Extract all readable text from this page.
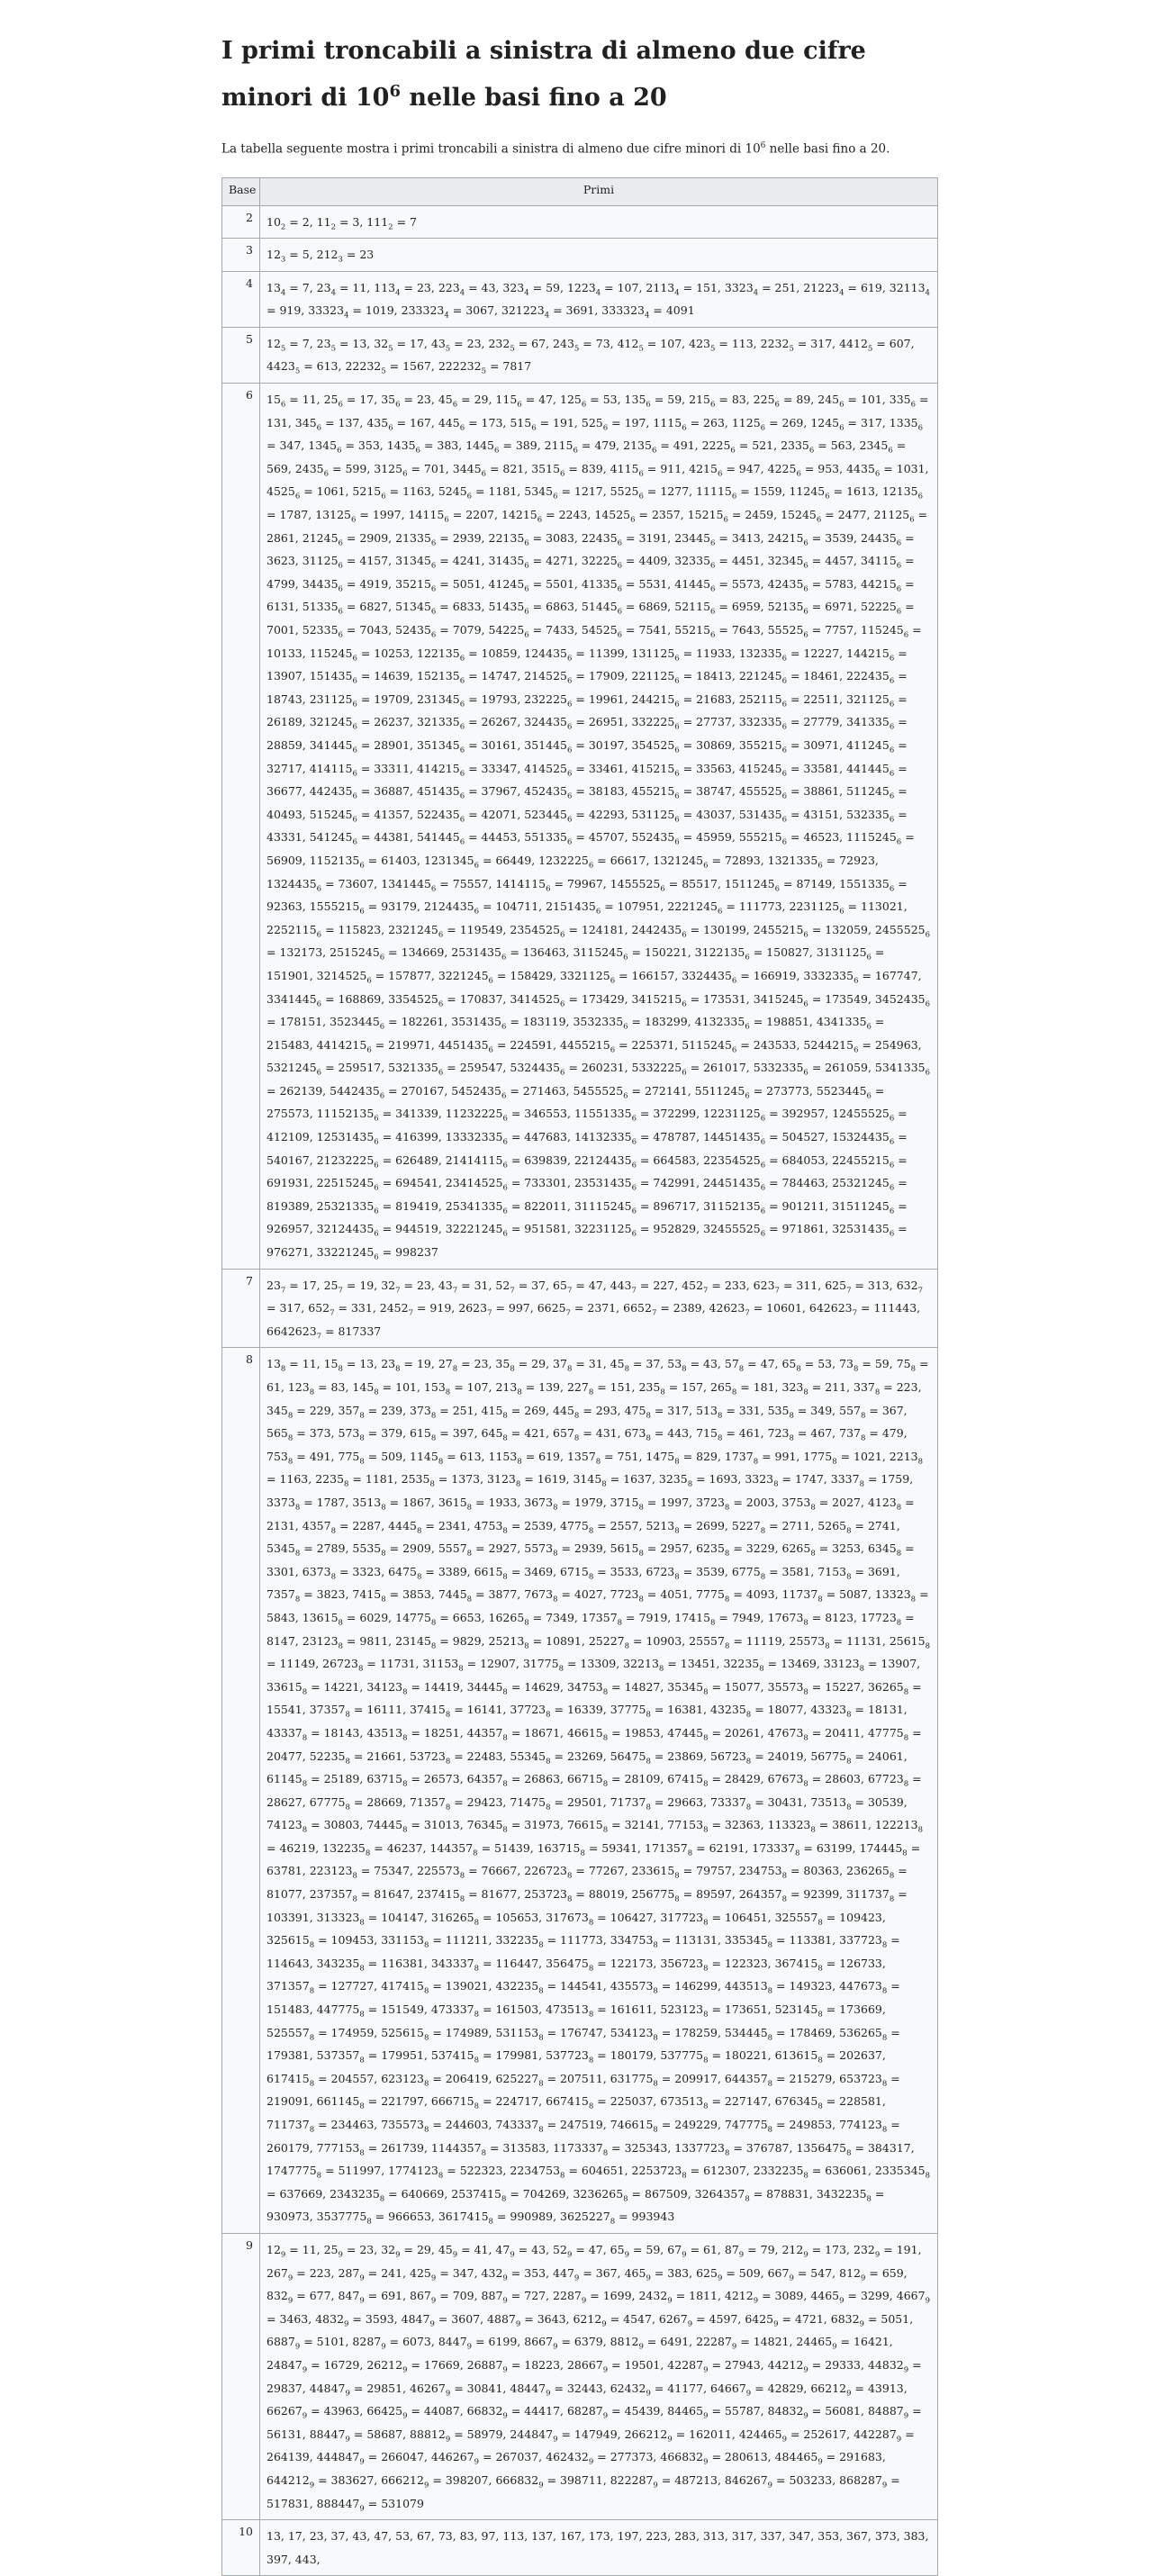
I primi troncabili a sinistra di almeno due cifre minori di $10^6$ nelle basi fino a 20

La tabella seguente mostra i primi troncabili a sinistra di almeno due cifre minori di $10^6$ nelle basi fino a 20.

Base	Primi
2	$10_2 = 2$, $11_2 = 3$, $111_2 = 7$
3	$12_3 = 5$, $212_3 = 23$
4	$13_4 = 7$, $23_4 = 11$, $113_4 = 23$, $223_4 = 43$, $323_4 = 59$, $1223_4 = 107$, $2113_4 = 151$, $3323_4 = 251$, $21223_4 = 619$, $32113_4 = 919$, $33323_4 = 1019$, $233323_4 = 3067$, $321223_4 = 3691$, $333323_4 = 4091$
5	$12_5 = 7$, $23_5 = 13$, $32_5 = 17$, $43_5 = 23$, $232_5 = 67$, $243_5 = 73$, $412_5 = 107$, $423_5 = 113$, $2232_5 = 317$, $4412_5 = 607$, $4423_5 = 613$, $22232_5 = 1567$, $222232_5 = 7817$
6	$15_6 = 11$, $25_6 = 17$, $35_6 = 23$, $45_6 = 29$, $115_6 = 47$, $125_6 = 53$, $135_6 = 59$, $215_6 = 83$, $225_6 = 89$, $245_6 = 101$, $335_6 = 131$, $345_6 = 137$, $435_6 = 167$, $445_6 = 173$, $515_6 = 191$, $525_6 = 197$, $1115_6 = 263$, $1125_6 = 269$, $1245_6 = 317$, $1335_6 = 347$, $1345_6 = 353$, $1435_6 = 383$, $1445_6 = 389$, $2115_6 = 479$, $2135_6 = 491$, $2225_6 = 521$, $2335_6 = 563$, $2345_6 = 569$, $2435_6 = 599$, $3125_6 = 701$, $3445_6 = 821$, $3515_6 = 839$, $4115_6 = 911$, $4215_6 = 947$, $4225_6 = 953$, $4435_6 = 1031$, $4525_6 = 1061$, $5215_6 = 1163$, $5245_6 = 1181$, $5345_6 = 1217$, $5525_6 = 1277$, $11115_6 = 1559$, $11245_6 = 1613$, $12135_6 = 1787$, $13125_6 = 1997$, $14115_6 = 2207$, $14215_6 = 2243$, $14525_6 = 2357$, $15215_6 = 2459$, $15245_6 = 2477$, $21125_6 = 2861$, $21245_6 = 2909$, $21335_6 = 2939$, $22135_6 = 3083$, $22435_6 = 3191$, $23445_6 = 3413$, $24215_6 = 3539$, $24435_6 = 3623$, $31125_6 = 4157$, $31345_6 = 4241$, $31435_6 = 4271$, $32225_6 = 4409$, $32335_6 = 4451$, $32345_6 = 4457$, $34115_6 = 4799$, $34435_6 = 4919$, $35215_6 = 5051$, $41245_6 = 5501$, $41335_6 = 5531$, $41445_6 = 5573$, $42435_6 = 5783$, $44215_6 = 6131$, $51335_6 = 6827$, $51345_6 = 6833$, $51435_6 = 6863$, $51445_6 = 6869$, $52115_6 = 6959$, $52135_6 = 6971$, $52225_6 = 7001$, $52335_6 = 7043$, $52435_6 = 7079$, $54225_6 = 7433$, $54525_6 = 7541$, $55215_6 = 7643$, $55525_6 = 7757$, $115245_6 = 10133$, $115245_6 = 10253$, $122135_6 = 10859$, $124435_6 = 11399$, $131125_6 = 11933$, $132335_6 = 12227$, $144215_6 = 13907$, $151435_6 = 14639$, $152135_6 = 14747$, $214525_6 = 17909$, $221125_6 = 18413$, $221245_6 = 18461$, $222435_6 = 18743$, $231125_6 = 19709$, $231345_6 = 19793$, $232225_6 = 19961$, $244215_6 = 21683$, $252115_6 = 22511$, $321125_6 = 26189$, $321245_6 = 26237$, $321335_6 = 26267$, $324435_6 = 26951$, $332225_6 = 27737$, $332335_6 = 27779$, $341335_6 = 28859$, $341445_6 = 28901$, $351345_6 = 30161$, $351445_6 = 30197$, $354525_6 = 30869$, $355215_6 = 30971$, $411245_6 = 32717$, $414115_6 = 33311$, $414215_6 = 33347$, $414525_6 = 33461$, $415215_6 = 33563$, $415245_6 = 33581$, $441445_6 = 36677$, $442435_6 = 36887$, $451435_6 = 37967$, $452435_6 = 38183$, $455215_6 = 38747$, $455525_6 = 38861$, $511245_6 = 40493$, $515245_6 = 41357$, $522435_6 = 42071$, $523445_6 = 42293$, $531125_6 = 43037$, $531435_6 = 43151$, $532335_6 = 43331$, $541245_6 = 44381$, $541445_6 = 44453$, $551335_6 = 45707$, $552435_6 = 45959$, $555215_6 = 46523$, $1115245_6 = 56909$, $1152135_6 = 61403$, $1231345_6 = 66449$, $1232225_6 = 66617$, $1321245_6 = 72893$, $1321335_6 = 72923$, $1324435_6 = 73607$, $1341445_6 = 75557$, $1414115_6 = 79967$, $1455525_6 = 85517$, $1511245_6 = 87149$, $1551335_6 = 92363$, $1555215_6 = 93179$, $2124435_6 = 104711$, $2151435_6 = 107951$, $2221245_6 = 111773$, $2231125_6 = 113021$, $2252115_6 = 115823$, $2321245_6 = 119549$, $2354525_6 = 124181$, $2442435_6 = 130199$, $2455215_6 = 132059$, $2455525_6 = 132173$, $2515245_6 = 134669$, $2531435_6 = 136463$, $3115245_6 = 150221$, $3122135_6 = 150827$, $3131125_6 = 151901$, $3214525_6 = 157877$, $3221245_6 = 158429$, $3321125_6 = 166157$, $3324435_6 = 166919$, $3332335_6 = 167747$, $3341445_6 = 168869$, $3354525_6 = 170837$, $3414525_6 = 173429$, $3415215_6 = 173531$, $3415245_6 = 173549$, $3452435_6 = 178151$, $3523445_6 = 182261$, $3531435_6 = 183119$, $3532335_6 = 183299$, $4132335_6 = 198851$, $4341335_6 = 215483$, $4414215_6 = 219971$, $4451435_6 = 224591$, $4455215_6 = 225371$, $5115245_6 = 243533$, $5244215_6 = 254963$, $5321245_6 = 259517$, $5321335_6 = 259547$, $5324435_6 = 260231$, $5332225_6 = 261017$, $5332335_6 = 261059$, $5341335_6 = 262139$, $5442435_6 = 270167$, $5452435_6 = 271463$, $5455525_6 = 272141$, $5511245_6 = 273773$, $5523445_6 = 275573$, $11152135_6 = 341339$, $11232225_6 = 346553$, $11551335_6 = 372299$, $12231125_6 = 392957$, $12455525_6 = 412109$, $12531435_6 = 416399$, $13332335_6 = 447683$, $14132335_6 = 478787$, $14451435_6 = 504527$, $15324435_6 = 540167$, $21232225_6 = 626489$, $21414115_6 = 639839$, $22124435_6 = 664583$, $22354525_6 = 684053$, $22455215_6 = 691931$, $22515245_6 = 694541$, $23414525_6 = 733301$, $23531435_6 = 742991$, $24451435_6 = 784463$, $25321245_6 = 819389$, $25321335_6 = 819419$, $25341335_6 = 822011$, $31115245_6 = 896717$, $31152135_6 = 901211$, $31511245_6 = 926957$, $32124435_6 = 944519$, $32221245_6 = 951581$, $32231125_6 = 952829$, $32455525_6 = 971861$, $32531435_6 = 976271$, $33221245_6 = 998237$
7	$23_7 = 17$, $25_7 = 19$, $32_7 = 23$, $43_7 = 31$, $52_7 = 37$, $65_7 = 47$, $443_7 = 227$, $452_7 = 233$, $623_7 = 311$, $625_7 = 313$, $632_7 = 317$, $652_7 = 331$, $2452_7 = 919$, $2623_7 = 997$, $6625_7 = 2371$, $6652_7 = 2389$, $42623_7 = 10601$, $642623_7 = 111443$, $6642623_7 = 817337$
8	$13_8 = 11$, $15_8 = 13$, $23_8 = 19$, $27_8 = 23$, $35_8 = 29$, $37_8 = 31$, $45_8 = 37$, $53_8 = 43$, $57_8 = 47$, $65_8 = 53$, $73_8 = 59$, $75_8 = 61$, $123_8 = 83$, $145_8 = 101$, $153_8 = 107$, $213_8 = 139$, $227_8 = 151$, $235_8 = 157$, $265_8 = 181$, $323_8 = 211$, $337_8 = 223$, $345_8 = 229$, $357_8 = 239$, $373_8 = 251$, $415_8 = 269$, $445_8 = 293$, $475_8 = 317$, $513_8 = 331$, $535_8 = 349$, $557_8 = 367$, $565_8 = 373$, $573_8 = 379$, $615_8 = 397$, $645_8 = 421$, $657_8 = 431$, $673_8 = 443$, $715_8 = 461$, $723_8 = 467$, $737_8 = 479$, $753_8 = 491$, $775_8 = 509$, $1145_8 = 613$, $1153_8 = 619$, $1357_8 = 751$, $1475_8 = 829$, $1737_8 = 991$, $1775_8 = 1021$, $2213_8 = 1163$, $2235_8 = 1181$, $2535_8 = 1373$, $3123_8 = 1619$, $3145_8 = 1637$, $3235_8 = 1693$, $3323_8 = 1747$, $3337_8 = 1759$, $3373_8 = 1787$, $3513_8 = 1867$, $3615_8 = 1933$, $3673_8 = 1979$, $3715_8 = 1997$, $3723_8 = 2003$, $3753_8 = 2027$, $4123_8 = 2131$, $4357_8 = 2287$, $4445_8 = 2341$, $4753_8 = 2539$, $4775_8 = 2557$, $5213_8 = 2699$, $5227_8 = 2711$, $5265_8 = 2741$, $5345_8 = 2789$, $5535_8 = 2909$, $5557_8 = 2927$, $5573_8 = 2939$, $5615_8 = 2957$, $6235_8 = 3229$, $6265_8 = 3253$, $6345_8 = 3301$, $6373_8 = 3323$, $6475_8 = 3389$, $6615_8 = 3469$, $6715_8 = 3533$, $6723_8 = 3539$, $6775_8 = 3581$, $7153_8 = 3691$, $7357_8 = 3823$, $7415_8 = 3853$, $7445_8 = 3877$, $7673_8 = 4027$, $7723_8 = 4051$, $7775_8 = 4093$, $11737_8 = 5087$, $13323_8 = 5843$, $13615_8 = 6029$, $14775_8 = 6653$, $16265_8 = 7349$, $17357_8 = 7919$, $17415_8 = 7949$, $17673_8 = 8123$, $17723_8 = 8147$, $23123_8 = 9811$, $23145_8 = 9829$, $25213_8 = 10891$, $25227_8 = 10903$, $25557_8 = 11119$, $25573_8 = 11131$, $25615_8 = 11149$, $26723_8 = 11731$, $31153_8 = 12907$, $31775_8 = 13309$, $32213_8 = 13451$, $32235_8 = 13469$, $33123_8 = 13907$, $33615_8 = 14221$, $34123_8 = 14419$, $34445_8 = 14629$, $34753_8 = 14827$, $35345_8 = 15077$, $35573_8 = 15227$, $36265_8 = 15541$, $37357_8 = 16111$, $37415_8 = 16141$, $37723_8 = 16339$, $37775_8 = 16381$, $43235_8 = 18077$, $43323_8 = 18131$, $43337_8 = 18143$, $43513_8 = 18251$, $44357_8 = 18671$, $46615_8 = 19853$, $47445_8 = 20261$, $47673_8 = 20411$, $47775_8 = 20477$, $52235_8 = 21661$, $53723_8 = 22483$, $55345_8 = 23269$, $56475_8 = 23869$, $56723_8 = 24019$, $56775_8 = 24061$, $61145_8 = 25189$, $63715_8 = 26573$, $64357_8 = 26863$, $66715_8 = 28109$, $67415_8 = 28429$, $67673_8 = 28603$, $67723_8 = 28627$, $67775_8 = 28669$, $71357_8 = 29423$, $71475_8 = 29501$, $71737_8 = 29663$, $73337_8 = 30431$, $73513_8 = 30539$, $74123_8 = 30803$, $74445_8 = 31013$, $76345_8 = 31973$, $76615_8 = 32141$, $77153_8 = 32363$, $113323_8 = 38611$, $122213_8 = 46219$, $132235_8 = 46237$, $144357_8 = 51439$, $163715_8 = 59341$, $171357_8 = 62191$, $173337_8 = 63199$, $174445_8 = 63781$, $223123_8 = 75347$, $225573_8 = 76667$, $226723_8 = 77267$, $233615_8 = 79757$, $234753_8 = 80363$, $236265_8 = 81077$, $237357_8 = 81647$, $237415_8 = 81677$, $253723_8 = 88019$, $256775_8 = 89597$, $264357_8 = 92399$, $311737_8 = 103391$, $313323_8 = 104147$, $316265_8 = 105653$, $317673_8 = 106427$, $317723_8 = 106451$, $325557_8 = 109423$, $325615_8 = 109453$, $331153_8 = 111211$, $332235_8 = 111773$, $334753_8 = 113131$, $335345_8 = 113381$, $337723_8 = 114643$, $343235_8 = 116381$, $343337_8 = 116447$, $356475_8 = 122173$, $356723_8 = 122323$, $367415_8 = 126733$, $371357_8 = 127727$, $417415_8 = 139021$, $432235_8 = 144541$, $435573_8 = 146299$, $443513_8 = 149323$, $447673_8 = 151483$, $447775_8 = 151549$, $473337_8 = 161503$, $473513_8 = 161611$, $523123_8 = 173651$, $523145_8 = 173669$, $525557_8 = 174959$, $525615_8 = 174989$, $531153_8 = 176747$, $534123_8 = 178259$, $534445_8 = 178469$, $536265_8 = 179381$, $537357_8 = 179951$, $537415_8 = 179981$, $537723_8 = 180179$, $537775_8 = 180221$, $613615_8 = 202637$, $617415_8 = 204557$, $623123_8 = 206419$, $625227_8 = 207511$, $631775_8 = 209917$, $644357_8 = 215279$, $653723_8 = 219091$, $661145_8 = 221797$, $666715_8 = 224717$, $667415_8 = 225037$, $673513_8 = 227147$, $676345_8 = 228581$, $711737_8 = 234463$, $735573_8 = 244603$, $743337_8 = 247519$, $746615_8 = 249229$, $747775_8 = 249853$, $774123_8 = 260179$, $777153_8 = 261739$, $1144357_8 = 313583$, $1173337_8 = 325343$, $1337723_8 = 376787$, $1356475_8 = 384317$, $1747775_8 = 511997$, $1774123_8 = 522323$, $2234753_8 = 604651$, $2253723_8 = 612307$, $2332235_8 = 636061$, $2335345_8 = 637669$, $2343235_8 = 640669$, $2537415_8 = 704269$, $3236265_8 = 867509$, $3264357_8 = 878831$, $3432235_8 = 930973$, $3537775_8 = 966653$, $3617415_8 = 990989$, $3625227_8 = 993943$
9	$12_9 = 11$, $25_9 = 23$, $32_9 = 29$, $45_9 = 41$, $47_9 = 43$, $52_9 = 47$, $65_9 = 59$, $67_9 = 61$, $87_9 = 79$, $212_9 = 173$, $232_9 = 191$, $267_9 = 223$, $287_9 = 241$, $425_9 = 347$, $432_9 = 353$, $447_9 = 367$, $465_9 = 383$, $625_9 = 509$, $667_9 = 547$, $812_9 = 659$, $832_9 = 677$, $847_9 = 691$, $867_9 = 709$, $887_9 = 727$, $2287_9 = 1699$, $2432_9 = 1811$, $4212_9 = 3089$, $4465_9 = 3299$, $4667_9 = 3463$, $4832_9 = 3593$, $4847_9 = 3607$, $4887_9 = 3643$, $6212_9 = 4547$, $6267_9 = 4597$, $6425_9 = 4721$, $6832_9 = 5051$, $6887_9 = 5101$, $8287_9 = 6073$, $8447_9 = 6199$, $8667_9 = 6379$, $8812_9 = 6491$, $22287_9 = 14821$, $24465_9 = 16421$, $24847_9 = 16729$, $26212_9 = 17669$, $26887_9 = 18223$, $28667_9 = 19501$, $42287_9 = 27943$, $44212_9 = 29333$, $44832_9 = 29837$, $44847_9 = 29851$, $46267_9 = 30841$, $48447_9 = 32443$, $62432_9 = 41177$, $64667_9 = 42829$, $66212_9 = 43913$, $66267_9 = 43963$, $66425_9 = 44087$, $66832_9 = 44417$, $68287_9 = 45439$, $84465_9 = 55787$, $84832_9 = 56081$, $84887_9 = 56131$, $88447_9 = 58687$, $88812_9 = 58979$, $244847_9 = 147949$, $266212_9 = 162011$, $424465_9 = 252617$, $442287_9 = 264139$, $444847_9 = 266047$, $446267_9 = 267037$, $462432_9 = 277373$, $466832_9 = 280613$, $484465_9 = 291683$, $644212_9 = 383627$, $666212_9 = 398207$, $666832_9 = 398711$, $822287_9 = 487213$, $846267_9 = 503233$, $868287_9 = 517831$, $888447_9 = 531079$
10	13, 17, 23, 37, 43, 47, 53, 67, 73, 83, 97, 113, 137, 167, 173, 197, 223, 283, 313, 317, 337, 347, 353, 367, 373, 383, 397, 443,
